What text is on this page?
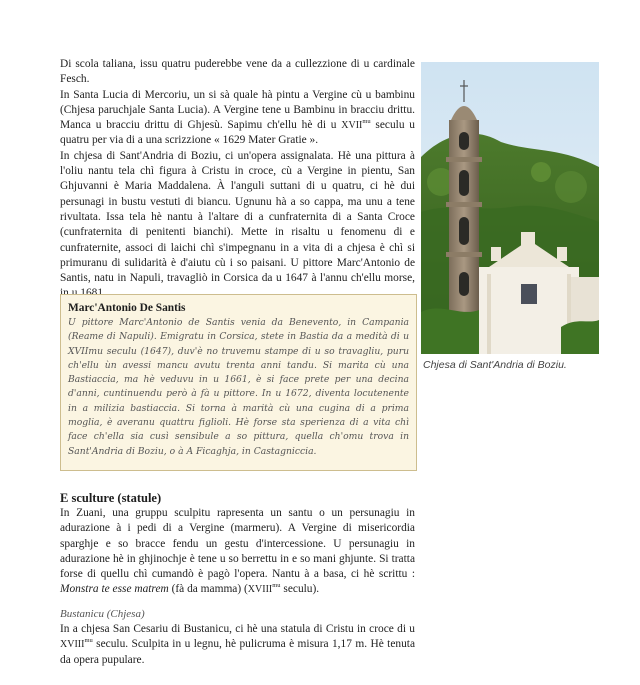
Di scola taliana, issu quatru puderebbe vene da a cullezzione di u cardinale Fesch.

In Santa Lucia di Mercoriu, un si sà quale hà pintu a Vergine cù u bambinu (Chjesa paruchjale Santa Lucia). A Vergine tene u Bambinu in bracciu drittu. Manca u bracciu drittu di Ghjesù. Sapimu ch'ellu hè di u $XVII^{mu}$ seculu u quatru per via di a una scrizzione « 1629 Mater Gratie ».

In chjesa di Sant'Andria di Boziu, ci un'opera assignalata. Hè una pittura à l'oliu nantu tela chì figura à Cristu in croce, cù a Vergine in pientu, San Ghjuvanni è Maria Maddalena. À l'anguli suttani di u quatru, ci hè dui persunagi in bustu vestuti di biancu. Ugnunu hà a so cappa, ma unu a tene rivultata. Issa tela hè nantu à l'altare di a cunfraternita di a Santa Croce (cunfraternita di penitenti bianchi). Mette in risaltu u fenomenu di e cunfraternite, associ di laichi chì s'impegnanu in a vita di a chjesa è chì si primuranu di sulidarità è d'aiutu cù i so paisani. U pittore Marc'Antonio de Santis, natu in Napuli, travagliò in Corsica da u 1647 à l'annu ch'ellu morse,

Chjesa di Sant'Andria di Boziu.
Marc'Antonio De Santis

U pittore Marc'Antonio de Santis venia da Benevento, in Campania (Reame di Napuli). Emigratu in Corsica, stete in Bastia da a medità di u XVIImu seculu (1647), duv'è no truvemu stampe di u so travagliu, puru ch'ellu ùn avessi mancu avutu trenta anni tandu. Si marita cù una Bastiaccia, ma hè veduvu in u 1661, è si face prete per una decina d'anni, cuntinuendu però à fà u pittore. In u 1672, diventa locutenente in a milizia bastiaccia. Si torna à marità cù una cugina di a prima moglia, è averanu quattru figlioli. Hè forse sta sperienza di a vita chì face ch'ella sia cusì sensibule a so pittura, quella ch'omu trova in Sant'Andria di Boziu, o à A Ficaghja, in Castagniccia.

E sculture (statule)

In Zuani, una gruppu sculpitu rapresenta un santu o un persunagiu in adurazione à i pedi di a Vergine (marmeru). A Vergine di misericordia sparghje e so bracce fendu un gestu d'intercessione. U persunagiu in adurazione hè in ghjinochje è tene u so berrettu in e so mani ghjunte. Si tratta forse di quellu chì cumandò è pagò l'opera. Nantu à a basa, ci hè scrittu : Monstra te esse matrem (fà da mamma) ($XVIII^{mu}$ seculu).

Bustanicu (Chjesa)

In a chjesa San Cesariu di Bustanicu, ci hè una statula di Cristu in croce di u $XVIII^{mu}$ seculu. Sculpita in u legnu, hè pulicruma è misura 1,17 m. Hè tenuta da opera pupulare.
